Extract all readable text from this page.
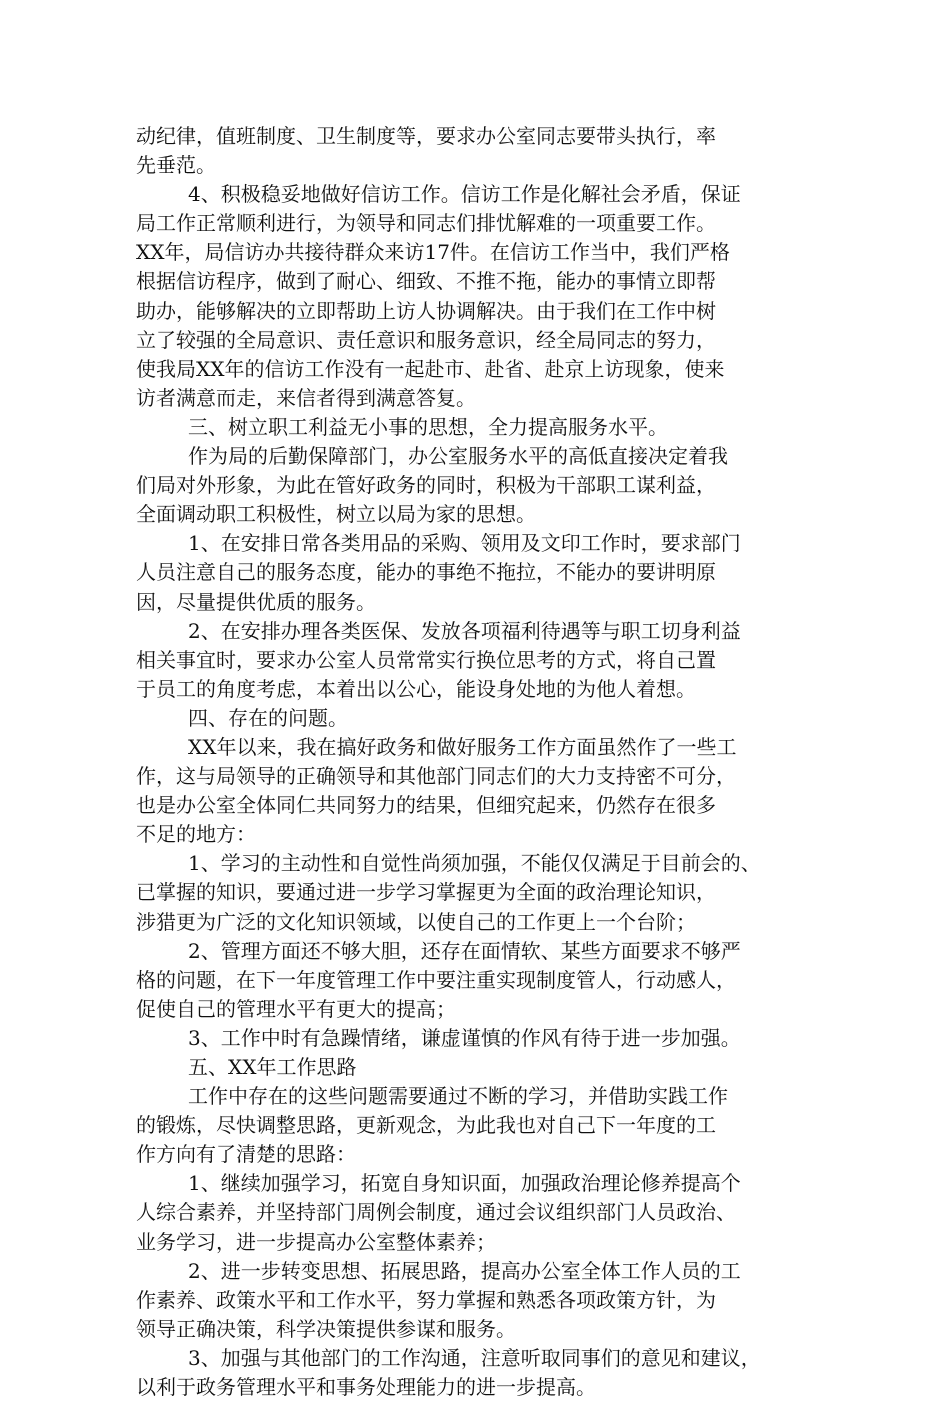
动纪律，值班制度、卫生制度等，要求办公室同志要带头执行，率
先垂范。
4、积极稳妥地做好信访工作。信访工作是化解社会矛盾，保证
局工作正常顺利进行，为领导和同志们排忧解难的一项重要工作。
XX年，局信访办共接待群众来访17件。在信访工作当中，我们严格
根据信访程序，做到了耐心、细致、不推不拖，能办的事情立即帮
助办，能够解决的立即帮助上访人协调解决。由于我们在工作中树
立了较强的全局意识、责任意识和服务意识，经全局同志的努力，
使我局XX年的信访工作没有一起赴市、赴省、赴京上访现象，使来
访者满意而走，来信者得到满意答复。
三、树立职工利益无小事的思想，全力提高服务水平。
作为局的后勤保障部门，办公室服务水平的高低直接决定着我
们局对外形象，为此在管好政务的同时，积极为干部职工谋利益，
全面调动职工积极性，树立以局为家的思想。
1、在安排日常各类用品的采购、领用及文印工作时，要求部门
人员注意自己的服务态度，能办的事绝不拖拉，不能办的要讲明原
因，尽量提供优质的服务。
2、在安排办理各类医保、发放各项福利待遇等与职工切身利益
相关事宜时，要求办公室人员常常实行换位思考的方式，将自己置
于员工的角度考虑，本着出以公心，能设身处地的为他人着想。
四、存在的问题。
XX年以来，我在搞好政务和做好服务工作方面虽然作了一些工
作，这与局领导的正确领导和其他部门同志们的大力支持密不可分，
也是办公室全体同仁共同努力的结果，但细究起来，仍然存在很多
不足的地方：
1、学习的主动性和自觉性尚须加强，不能仅仅满足于目前会的、
已掌握的知识，要通过进一步学习掌握更为全面的政治理论知识，
涉猎更为广泛的文化知识领域，以使自己的工作更上一个台阶；
2、管理方面还不够大胆，还存在面情软、某些方面要求不够严
格的问题，在下一年度管理工作中要注重实现制度管人，行动感人，
促使自己的管理水平有更大的提高；
3、工作中时有急躁情绪，谦虚谨慎的作风有待于进一步加强。
五、XX年工作思路
工作中存在的这些问题需要通过不断的学习，并借助实践工作
的锻炼，尽快调整思路，更新观念，为此我也对自己下一年度的工
作方向有了清楚的思路：
1、继续加强学习，拓宽自身知识面，加强政治理论修养提高个
人综合素养，并坚持部门周例会制度，通过会议组织部门人员政治、
业务学习，进一步提高办公室整体素养；
2、进一步转变思想、拓展思路，提高办公室全体工作人员的工
作素养、政策水平和工作水平，努力掌握和熟悉各项政策方针，为
领导正确决策，科学决策提供参谋和服务。
3、加强与其他部门的工作沟通，注意听取同事们的意见和建议，
以利于政务管理水平和事务处理能力的进一步提高。
